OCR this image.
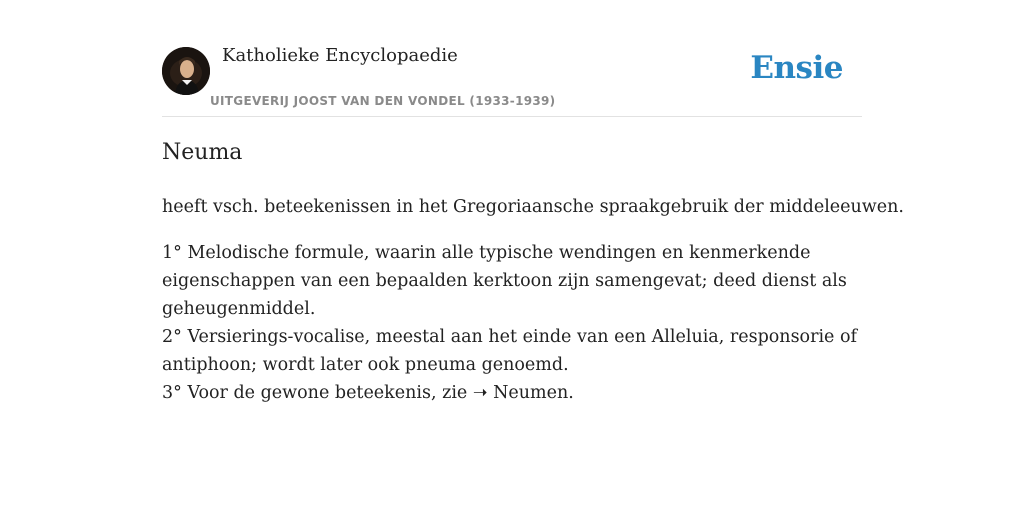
Katholieke Encyclopaedie
UITGEVERIJ JOOST VAN DEN VONDEL (1933-1939)
Ensie
Neuma

heeft vsch. beteekenissen in het Gregoriaansche spraakgebruik der middeleeuwen.

1° Melodische formule, waarin alle typische wendingen en kenmerkende
eigenschappen van een bepaalden kerktoon zijn samengevat; deed dienst als
geheugenmiddel.
2° Versierings-vocalise, meestal aan het einde van een Alleluia, responsorie of
antiphoon; wordt later ook pneuma genoemd.
3° Voor de gewone beteekenis, zie ➝ Neumen.
